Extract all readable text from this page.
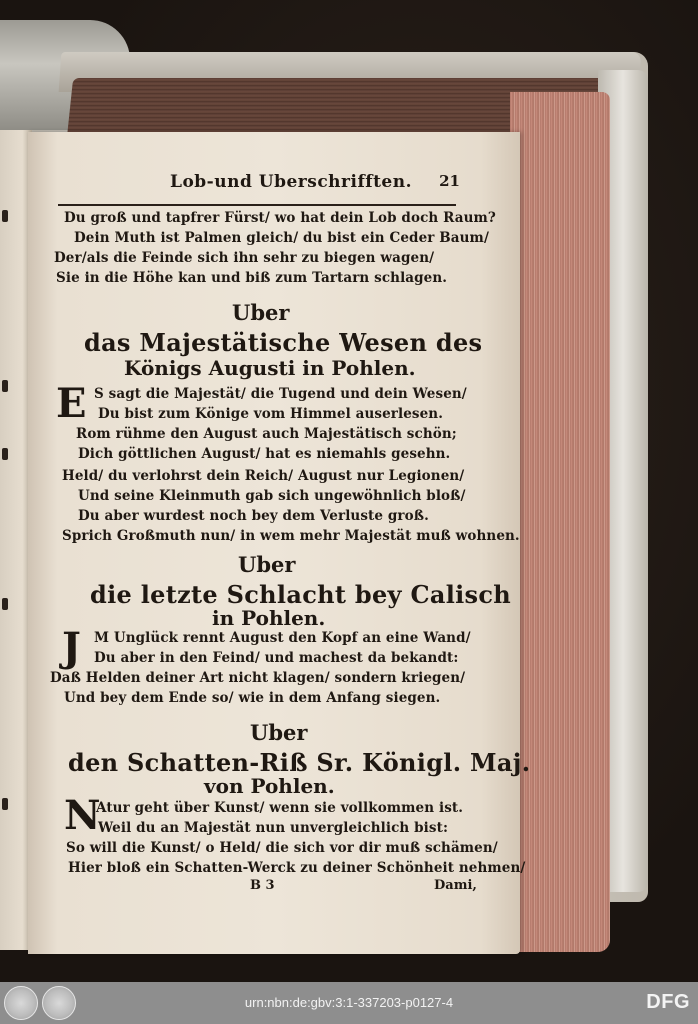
Lob-und Uberschrifften. 21
Du groß und tapfrer Fürst/ wo hat dein Lob doch Raum?
Dein Muth ist Palmen gleich/ du bist ein Ceder Baum/
Der/als die Feinde sich ihn sehr zu biegen wagen/
Sie in die Höhe kan und biß zum Tartarn schlagen.
Uber
das Majestätische Wesen des
Königs Augusti in Pohlen.
E S sagt die Majestät/ die Tugend und dein Wesen/
Du bist zum Könige vom Himmel auserlesen.
Rom rühme den August auch Majestätisch schön;
Dich göttlichen August/ hat es niemahls gesehn.
Held/ du verlohrst dein Reich/ August nur Legionen/
Und seine Kleinmuth gab sich ungewöhnlich bloß/
Du aber wurdest noch bey dem Verluste groß.
Sprich Großmuth nun/ in wem mehr Majestät muß wohnen.
Uber
die letzte Schlacht bey Calisch
in Pohlen.
J M Unglück rennt August den Kopf an eine Wand/
Du aber in den Feind/ und machest da bekandt:
Daß Helden deiner Art nicht klagen/ sondern kriegen/
Und bey dem Ende so/ wie in dem Anfang siegen.
Uber
den Schatten-Riß Sr. Königl. Maj.
von Pohlen.
N
Atur geht über Kunst/ wenn sie vollkommen ist.
Weil du an Majestät nun unvergleichlich bist:
So will die Kunst/ o Held/ die sich vor dir muß schämen/
Hier bloß ein Schatten-Werck zu deiner Schönheit nehmen/
B 3	Dami,
urn:nbn:de:gbv:3:1-337203-p0127-4	DFG
